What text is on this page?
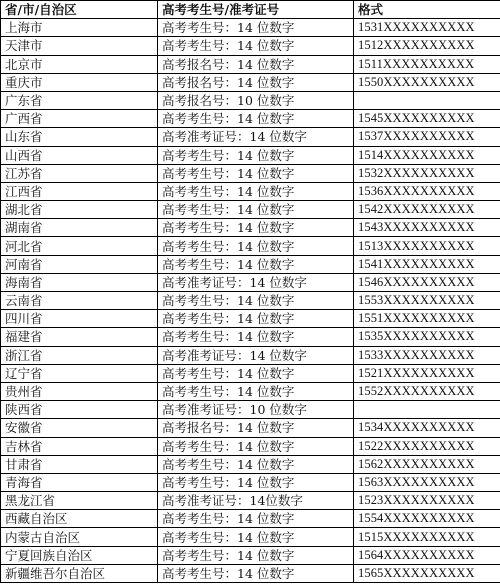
省/市/自治区	高考考生号/准考证号	格式
上海市	高考考生号：14 位数字	1531XXXXXXXXXX
天津市	高考考生号：14 位数字	1512XXXXXXXXXX
北京市	高考报名号：14 位数字	1511XXXXXXXXXX
重庆市	高考报名号：14 位数字	1550XXXXXXXXXX
广东省	高考报名号：10 位数字	
广西省	高考考生号：14 位数字	1545XXXXXXXXXX
山东省	高考准考证号：14 位数字	1537XXXXXXXXXX
山西省	高考考生号：14 位数字	1514XXXXXXXXXX
江苏省	高考考生号：14 位数字	1532XXXXXXXXXX
江西省	高考考生号：14 位数字	1536XXXXXXXXXX
湖北省	高考考生号：14 位数字	1542XXXXXXXXXX
湖南省	高考考生号：14 位数字	1543XXXXXXXXXX
河北省	高考考生号：14 位数字	1513XXXXXXXXXX
河南省	高考考生号：14 位数字	1541XXXXXXXXXX
海南省	高考准考证号：14 位数字	1546XXXXXXXXXX
云南省	高考考生号：14 位数字	1553XXXXXXXXXX
四川省	高考考生号：14 位数字	1551XXXXXXXXXX
福建省	高考考生号：14 位数字	1535XXXXXXXXXX
浙江省	高考准考证号：14 位数字	1533XXXXXXXXXX
辽宁省	高考考生号：14 位数字	1521XXXXXXXXXX
贵州省	高考考生号：14 位数字	1552XXXXXXXXXX
陕西省	高考准考证号：10 位数字	
安徽省	高考报名号：14 位数字	1534XXXXXXXXXX
吉林省	高考考生号：14 位数字	1522XXXXXXXXXX
甘肃省	高考考生号：14 位数字	1562XXXXXXXXXX
青海省	高考考生号：14 位数字	1563XXXXXXXXXX
黑龙江省	高考准考证号：14位数字	1523XXXXXXXXXX
西藏自治区	高考考生号：14 位数字	1554XXXXXXXXXX
内蒙古自治区	高考考生号：14 位数字	1515XXXXXXXXXX
宁夏回族自治区	高考考生号：14 位数字	1564XXXXXXXXXX
新疆维吾尔自治区	高考考生号：14 位数字	1565XXXXXXXXXX
